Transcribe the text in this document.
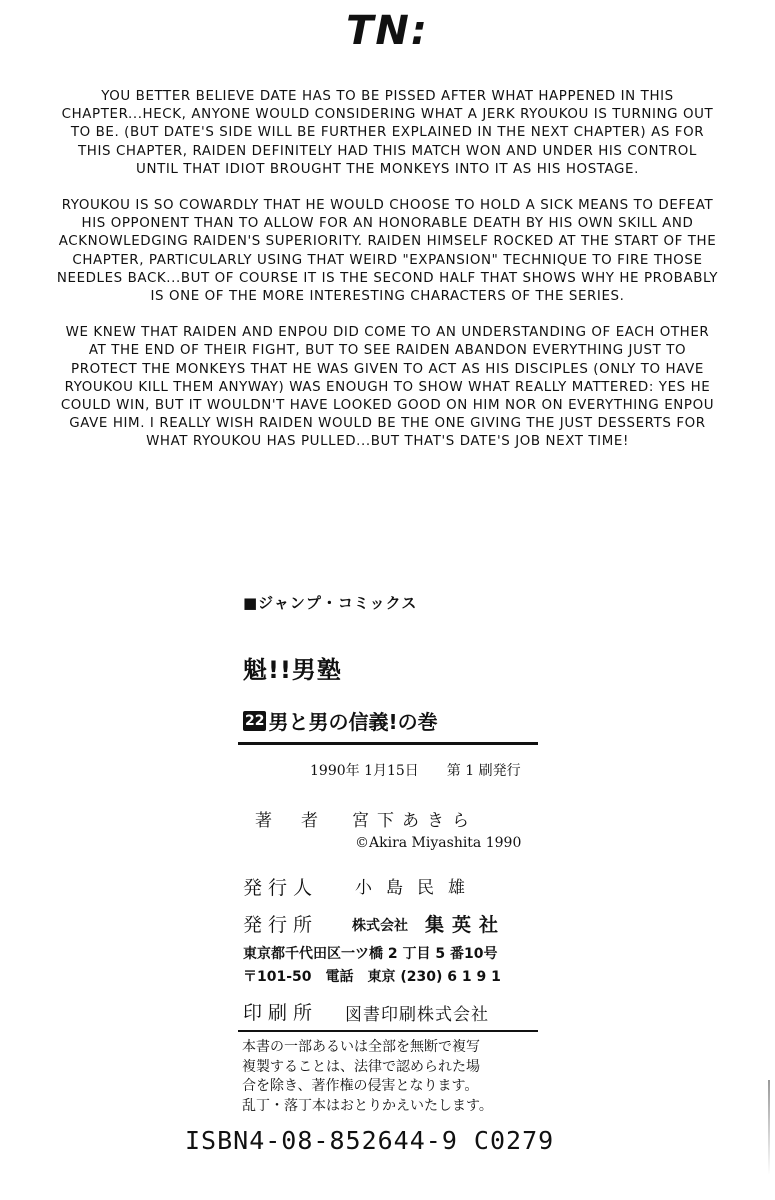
TN:

YOU BETTER BELIEVE DATE HAS TO BE PISSED AFTER WHAT HAPPENED IN THIS CHAPTER...HECK, ANYONE WOULD CONSIDERING WHAT A JERK RYOUKOU IS TURNING OUT TO BE. (BUT DATE'S SIDE WILL BE FURTHER EXPLAINED IN THE NEXT CHAPTER) AS FOR THIS CHAPTER, RAIDEN DEFINITELY HAD THIS MATCH WON AND UNDER HIS CONTROL UNTIL THAT IDIOT BROUGHT THE MONKEYS INTO IT AS HIS HOSTAGE.

RYOUKOU IS SO COWARDLY THAT HE WOULD CHOOSE TO HOLD A SICK MEANS TO DEFEAT HIS OPPONENT THAN TO ALLOW FOR AN HONORABLE DEATH BY HIS OWN SKILL AND ACKNOWLEDGING RAIDEN'S SUPERIORITY. RAIDEN HIMSELF ROCKED AT THE START OF THE CHAPTER, PARTICULARLY USING THAT WEIRD "EXPANSION" TECHNIQUE TO FIRE THOSE NEEDLES BACK...BUT OF COURSE IT IS THE SECOND HALF THAT SHOWS WHY HE PROBABLY IS ONE OF THE MORE INTERESTING CHARACTERS OF THE SERIES.

WE KNEW THAT RAIDEN AND ENPOU DID COME TO AN UNDERSTANDING OF EACH OTHER AT THE END OF THEIR FIGHT, BUT TO SEE RAIDEN ABANDON EVERYTHING JUST TO PROTECT THE MONKEYS THAT HE WAS GIVEN TO ACT AS HIS DISCIPLES (ONLY TO HAVE RYOUKOU KILL THEM ANYWAY) WAS ENOUGH TO SHOW WHAT REALLY MATTERED: YES HE COULD WIN, BUT IT WOULDN'T HAVE LOOKED GOOD ON HIM NOR ON EVERYTHING ENPOU GAVE HIM. I REALLY WISH RAIDEN WOULD BE THE ONE GIVING THE JUST DESSERTS FOR WHAT RYOUKOU HAS PULLED...BUT THAT'S DATE'S JOB NEXT TIME!

■ジャンプ・コミックス
魁!!男塾
22 男と男の信義!の巻
1990年 1月15日　　第 1 刷発行
著　者 宮下あきら
©Akira Miyashita 1990
発行人 小島民雄
発行所 株式会社 集英社
東京都千代田区一ツ橋 2 丁目 5 番10号
〒101-50　電話　東京 (230) 6 1 9 1
印刷所 図書印刷株式会社
本書の一部あるいは全部を無断で複写
複製することは、法律で認められた場
合を除き、著作権の侵害となります。
乱丁・落丁本はおとりかえいたします。
ISBN4-08-852644-9 C0279
